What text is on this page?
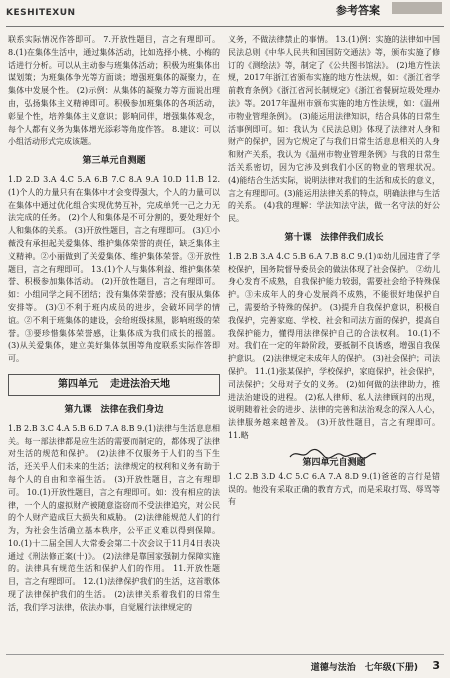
KESHITEXUN	参考答案

联系实际情况作答即可。 7.开放性题目，言之有理即可。 8.(1)在集体生活中，通过集体活动，比如选择小桃、小梅的话进行分析。可以从主动参与班集体活动；积极为班集体出谋划策；为班集体争光等方面谈；增强班集体的凝聚力，在集体中发展个性。 (2)示例：从集体的凝聚力等方面说出理由，弘扬集体主义精神即可。积极参加班集体的各项活动，彰显个性，培养集体主义意识；影响同伴，增强集体观念，每个人都有义务为集体增光添彩等角度作答。 8.建议：可以小组活动形式完成该题。

第三单元自测题

1.D 2.D 3.A 4.C 5.A 6.B 7.C 8.A 9.A 10.D 11.B 12.(1)个人的力量只有在集体中才会变得强大，个人的力量可以在集体中通过优化组合实现优势互补，完成单凭一己之力无法完成的任务。 (2)个人和集体是不可分割的，要处理好个人和集体的关系。 (3)开放性题目，言之有理即可。 (3)①小薇没有承担起关爱集体、维护集体荣誉的责任，缺乏集体主义精神。②小丽做到了关爱集体、维护集体荣誉。③开放性题目，言之有理即可。 13.(1)个人与集体利益、维护集体荣誉、积极参加集体活动。 (2)开放性题目，言之有理即可。如：小组同学之间不团结；没有集体荣誉感；没有服从集体安排等。 (3)①不利于班内成员的进步，会破坏同学的情谊。②不利于班集体的建设，会给班级抹黑，影响班级的荣誉。③要珍惜集体荣誉感，让集体成为我们成长的摇篮。 (3)从关爱集体，建立美好集体氛围等角度联系实际作答即可。

第四单元 走进法治天地
第九课　法律在我们身边

1.B 2.B 3.C 4.A 5.B 6.D 7.A 8.B 9.(1)法律与生活息息相关。每一部法律都是应生活的需要而制定的，都体现了法律对生活的规范和保护。 (2)法律不仅服务于人们的当下生活，还关乎人们未来的生活；法律规定的权利和义务有助于每个人的自由和幸福生活。 (3)开放性题目，言之有理即可。 10.(1)开放性题目，言之有理即可。如：没有相应的法律，一个人的虚拟财产被随意盗窃而不受法律追究，对公民的个人财产造成巨大损失和威胁。 (2)法律能规范人们的行为，为社会生活确立基本秩序，公平正义难以得到保障。 10.(1)十二届全国人大常委会第二十次会议于11月4日表决通过《刑法修正案(十)》。 (2)法律是靠国家强制力保障实施的。法律具有规范生活和保护人们的作用。 11.开放性题目，言之有理即可。 12.(1)法律保护我们的生活，这首歌体现了法律保护我们的生活。 (2)法律关系着我们的日常生活，我们学习法律，依法办事，自觉履行法律规定的

义务，不做法律禁止的事情。 13.(1)例：实施的法律如中国民法总则《中华人民共和国国防交通法》等，颁布实施了修订的《测绘法》等，制定了《公共图书馆法》。 (2)地方性法规，2017年浙江省颁布实施的地方性法规，如：《浙江省学前教育条例》《浙江省河长制规定》《浙江省餐厨垃圾处理办法》等。2017年温州市颁布实施的地方性法规，如：《温州市物业管理条例》。 (3)能运用法律知识，结合具体的日常生活事例即可。如：我认为《民法总则》体现了法律对人身和财产的保护，因为它规定了与我们日常生活息息相关的人身和财产关系，我认为《温州市物业管理条例》与我的日常生活关系密切，因为它涉及到我们小区的物业的管理状况。 (4)能结合生活实际，说明法律对我们的生活和成长的意义，言之有理即可。(3)能运用法律关系的特点，明确法律与生活的关系。 (4)我的理解：学法知法守法，做一名守法的好公民。

第十课　法律伴我们成长

1.B 2.B 3.A 4.C 5.B 6.A 7.B 8.C 9.(1)①幼儿园违背了学校保护，国务院督导委员会的做法体现了社会保护。 ②幼儿身心发育不成熟，自我保护能力较弱，需要社会给予特殊保护。③未成年人的身心发展尚不成熟，不能很好地保护自己，需要给予特殊的保护。 (3)提升自我保护意识，积极自我保护，完善家庭、学校、社会和司法方面的保护，提高自我保护能力，懂得用法律保护自己的合法权利。 10.(1)不对。我们在一定的年龄阶段，要抵制不良诱惑，增强自我保护意识。 (2)法律规定未成年人的保护。 (3)社会保护；司法保护。 11.(1)张某保护，学校保护，家庭保护，社会保护，司法保护；父母对子女的义务。 (2)如何做的法律助力，推进法治建设的进程。 (2)私人律师、私人法律顾问的出现，说明随着社会的进步、法律的完善和法治观念的深入人心，法律服务越来越普及。 (3)开放性题目，言之有理即可。 11.略

第四单元自测题

1.C 2.B 3.D 4.C 5.C 6.A 7.A 8.D 9.(1)爸爸的言行是错误的。他没有采取正确的教育方式，而是采取打骂、辱骂等有

道德与法治　七年级(下册) 3
